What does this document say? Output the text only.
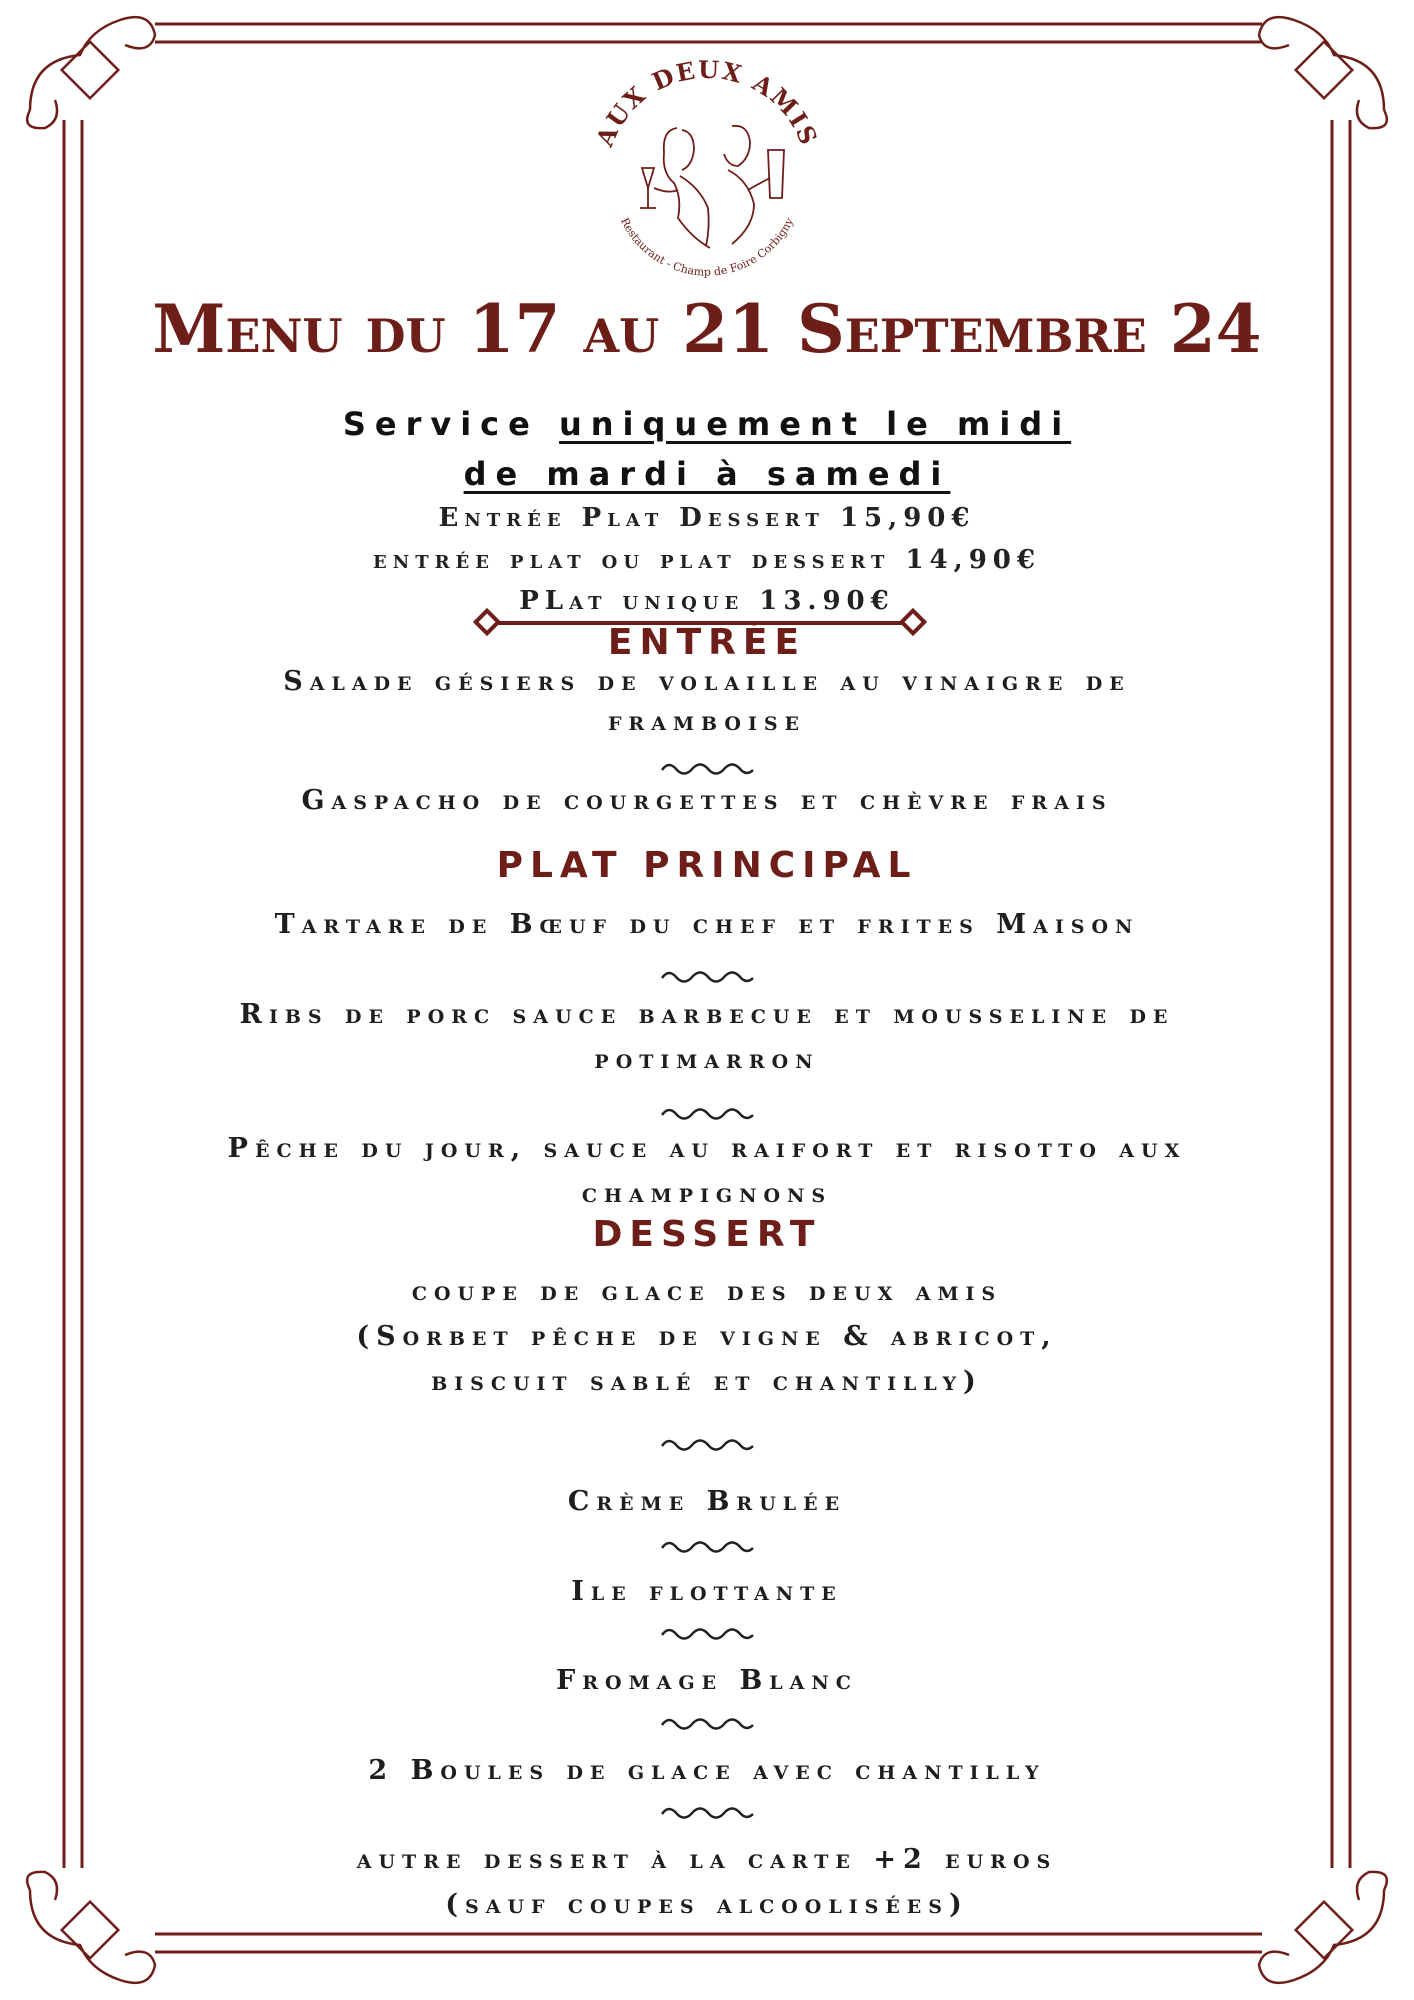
AUX DEUX AMIS
Restaurant - Champ de Foire Corbigny
Menu du 17 au 21 Septembre 24
Service uniquement le midi
de mardi à samedi
Entrée Plat Dessert 15,90€
entrée plat ou plat dessert 14,90€
PLat unique 13.90€
ENTRÉE
Salade gésiers de volaille au vinaigre de
framboise
Gaspacho de courgettes et chèvre frais
PLAT PRINCIPAL
Tartare de Bœuf du chef et frites Maison
Ribs de porc sauce barbecue et mousseline de
potimarron
Pêche du jour, sauce au raifort et risotto aux
champignons
DESSERT
coupe de glace des deux amis
(Sorbet pêche de vigne & abricot,
biscuit sablé et chantilly)
Crème Brulée
Ile flottante
Fromage Blanc
2 Boules de glace avec chantilly
autre dessert à la carte +2 euros
(sauf coupes alcoolisées)
